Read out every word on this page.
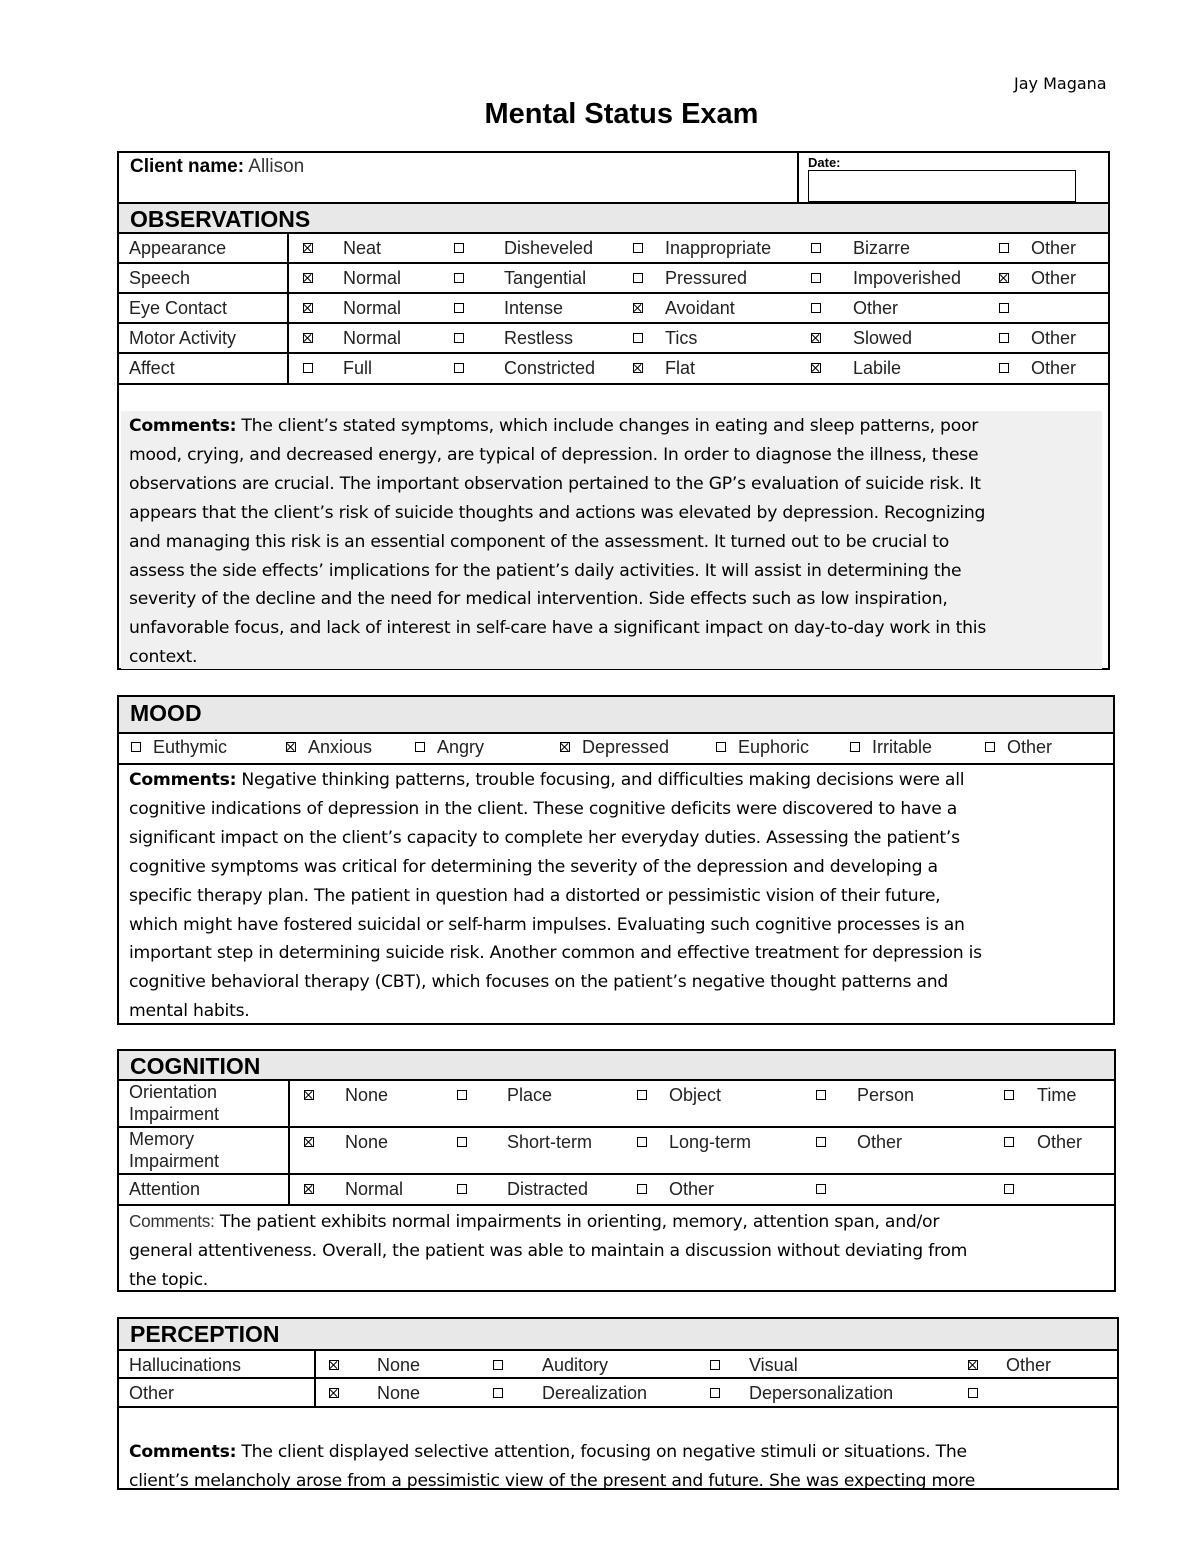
Jay Magana
Mental Status Exam
Client name: Allison	Date:
OBSERVATIONS
Appearance	Neat	Disheveled	Inappropriate	Bizarre	Other
Speech	Normal	Tangential	Pressured	Impoverished	Other
Eye Contact	Normal	Intense	Avoidant	Other
Motor Activity	Normal	Restless	Tics	Slowed	Other
Affect	Full	Constricted	Flat	Labile	Other
Comments: The client’s stated symptoms, which include changes in eating and sleep patterns, poor
mood, crying, and decreased energy, are typical of depression. In order to diagnose the illness, these
observations are crucial. The important observation pertained to the GP’s evaluation of suicide risk. It
appears that the client’s risk of suicide thoughts and actions was elevated by depression. Recognizing
and managing this risk is an essential component of the assessment. It turned out to be crucial to
assess the side effects’ implications for the patient’s daily activities. It will assist in determining the
severity of the decline and the need for medical intervention. Side effects such as low inspiration,
unfavorable focus, and lack of interest in self-care have a significant impact on day-to-day work in this
context.
MOOD
Euthymic	Anxious	Angry	Depressed	Euphoric	Irritable	Other
Comments: Negative thinking patterns, trouble focusing, and difficulties making decisions were all
cognitive indications of depression in the client. These cognitive deficits were discovered to have a
significant impact on the client’s capacity to complete her everyday duties. Assessing the patient’s
cognitive symptoms was critical for determining the severity of the depression and developing a
specific therapy plan. The patient in question had a distorted or pessimistic vision of their future,
which might have fostered suicidal or self-harm impulses. Evaluating such cognitive processes is an
important step in determining suicide risk. Another common and effective treatment for depression is
cognitive behavioral therapy (CBT), which focuses on the patient’s negative thought patterns and
mental habits.
COGNITION
Orientation
Impairment
None	Place	Object	Person	Time
Memory
Impairment
None	Short-term	Long-term	Other	Other
Attention	Normal	Distracted	Other
Comments: The patient exhibits normal impairments in orienting, memory, attention span, and/or
general attentiveness. Overall, the patient was able to maintain a discussion without deviating from
the topic.
PERCEPTION
Hallucinations	None	Auditory	Visual	Other
Other	None	Derealization	Depersonalization
Comments: The client displayed selective attention, focusing on negative stimuli or situations. The
client’s melancholy arose from a pessimistic view of the present and future. She was expecting more
